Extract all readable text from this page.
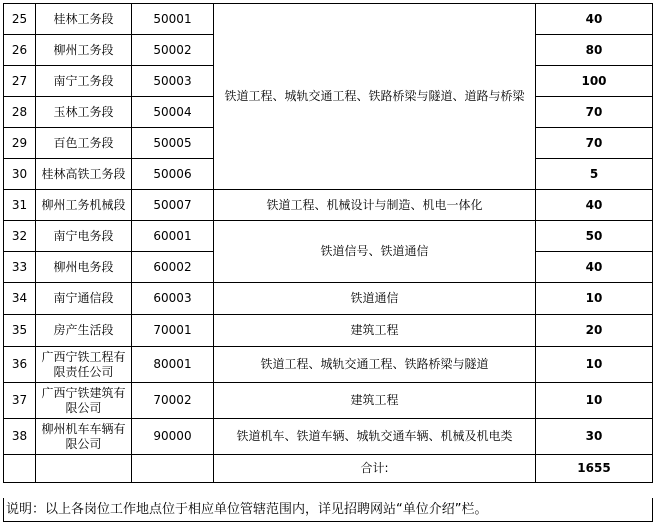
25	桂林工务段	50001	铁道工程、城轨交通工程、铁路桥梁与隧道、道路与桥梁	40
26	柳州工务段	50002		80
27	南宁工务段	50003		100
28	玉林工务段	50004		70
29	百色工务段	50005		70
30	桂林高铁工务段	50006		5
31	柳州工务机械段	50007	铁道工程、机械设计与制造、机电一体化	40
32	南宁电务段	60001	铁道信号、铁道通信	50
33	柳州电务段	60002		40
34	南宁通信段	60003	铁道通信	10
35	房产生活段	70001	建筑工程	20
36	广西宁铁工程有限责任公司	80001	铁道工程、城轨交通工程、铁路桥梁与隧道	10
37	广西宁铁建筑有限公司	70002	建筑工程	10
38	柳州机车车辆有限公司	90000	铁道机车、铁道车辆、城轨交通车辆、机械及机电类	30
			合计:	1655
说明：以上各岗位工作地点位于相应单位管辖范围内，详见招聘网站“单位介绍”栏。
